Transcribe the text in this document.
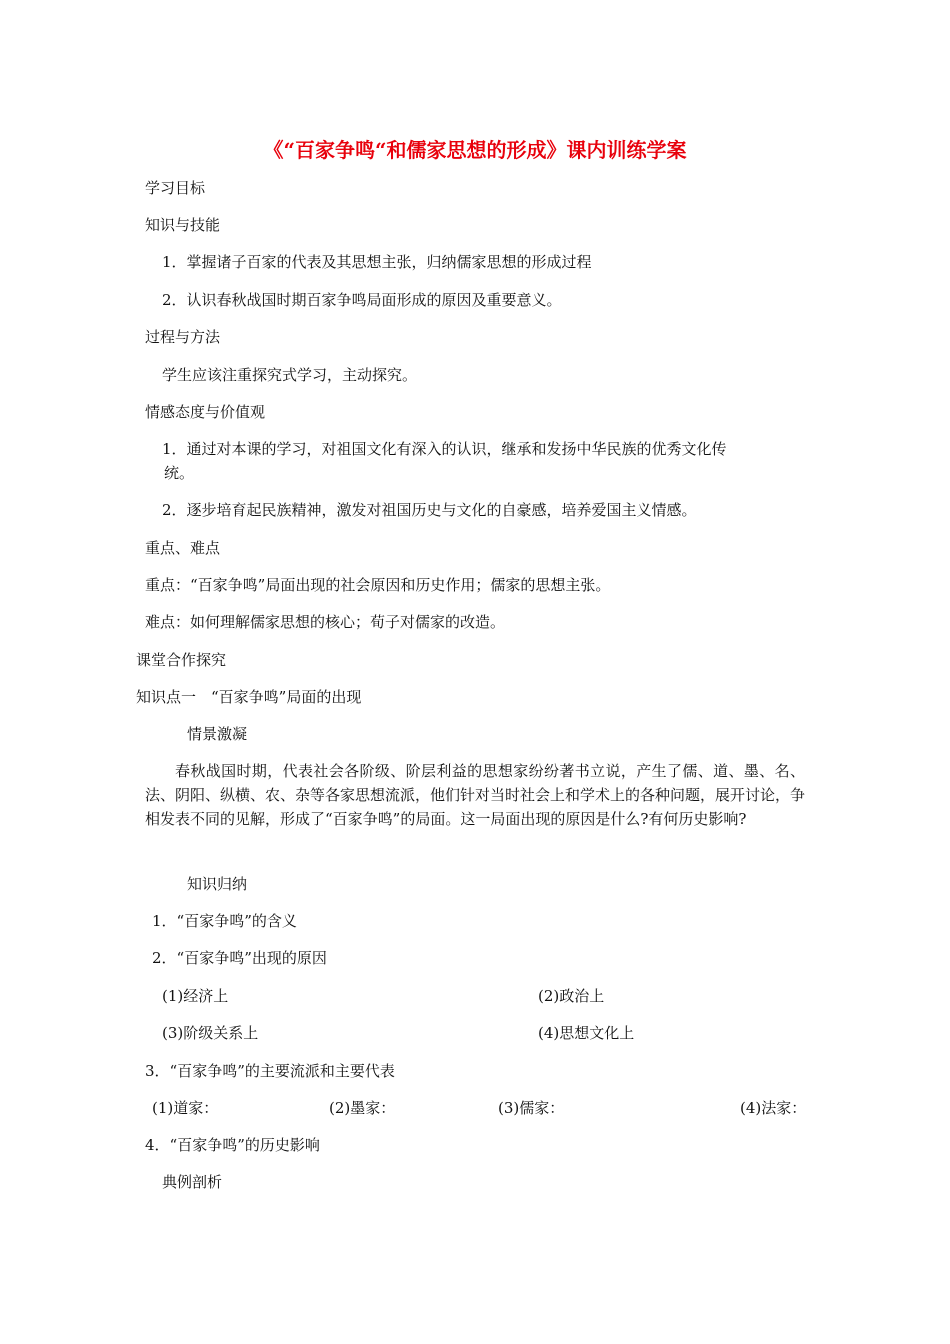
《“百家争鸣“和儒家思想的形成》课内训练学案
学习目标
知识与技能
1．掌握诸子百家的代表及其思想主张，归纳儒家思想的形成过程
2．认识春秋战国时期百家争鸣局面形成的原因及重要意义。
过程与方法
学生应该注重探究式学习，主动探究。
情感态度与价值观
1．通过对本课的学习，对祖国文化有深入的认识，继承和发扬中华民族的优秀文化传
统。
2．逐步培育起民族精神，激发对祖国历史与文化的自豪感，培养爱国主义情感。
重点、难点
重点：“百家争鸣”局面出现的社会原因和历史作用；儒家的思想主张。
难点：如何理解儒家思想的核心；荀子对儒家的改造。
课堂合作探究
知识点一　“百家争鸣”局面的出现
情景激凝
春秋战国时期，代表社会各阶级、阶层利益的思想家纷纷著书立说，产生了儒、道、墨、名、法、阴阳、纵横、农、杂等各家思想流派，他们针对当时社会上和学术上的各种问题，展开讨论，争相发表不同的见解，形成了“百家争鸣”的局面。这一局面出现的原因是什么?有何历史影响?
知识归纳
1．“百家争鸣”的含义
2．“百家争鸣”出现的原因
(1)经济上	(2)政治上
(3)阶级关系上	(4)思想文化上
3．“百家争鸣”的主要流派和主要代表
(1)道家：	(2)墨家：	(3)儒家：	(4)法家：
4．“百家争鸣”的历史影响
典例剖析
